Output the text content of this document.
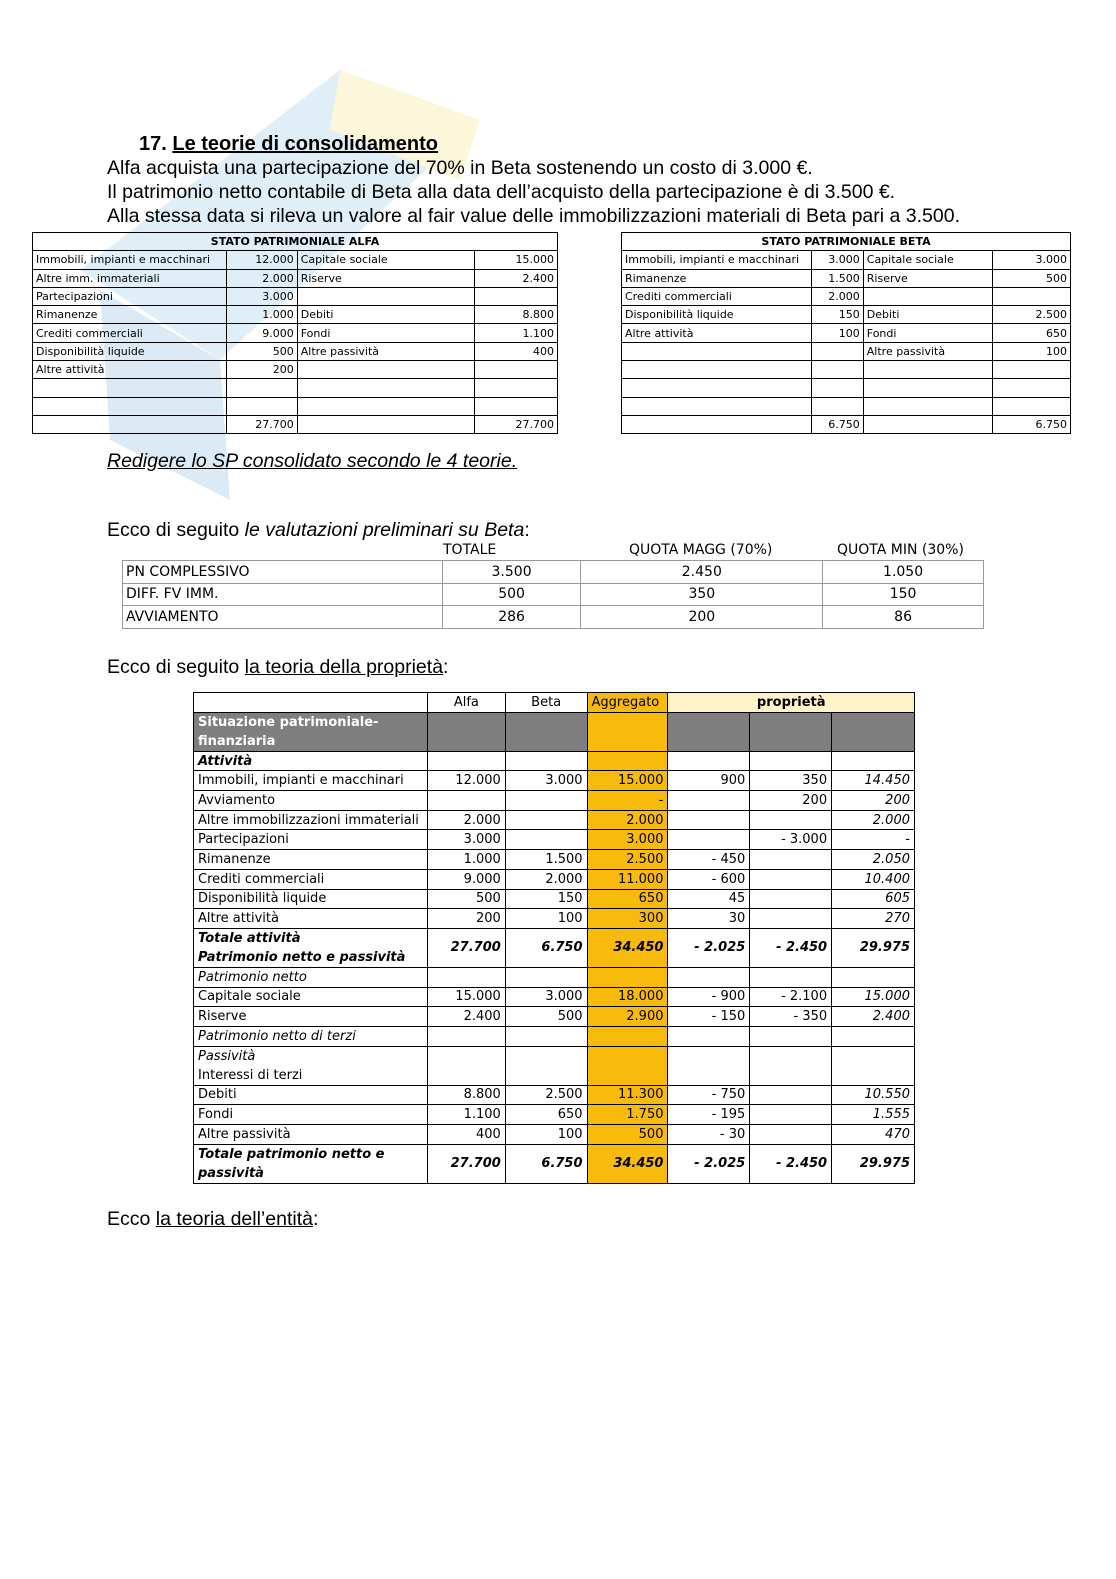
17. Le teorie di consolidamento
Alfa acquista una partecipazione del 70% in Beta sostenendo un costo di 3.000 €.
Il patrimonio netto contabile di Beta alla data dell’acquisto della partecipazione è di 3.500 €.
Alla stessa data si rileva un valore al fair value delle immobilizzazioni materiali di Beta pari a 3.500.
STATO PATRIMONIALE ALFA			
Immobili, impianti e macchinari	12.000	Capitale sociale	15.000
Altre imm. immateriali	2.000	Riserve	2.400
Partecipazioni	3.000		
Rimanenze	1.000	Debiti	8.800
Crediti commerciali	9.000	Fondi	1.100
Disponibilità liquide	500	Altre passività	400
Altre attività	200		

	27.700		27.700
STATO PATRIMONIALE BETA			
Immobili, impianti e macchinari	3.000	Capitale sociale	3.000
Rimanenze	1.500	Riserve	500
Crediti commerciali	2.000		
Disponibilità liquide	150	Debiti	2.500
Altre attività	100	Fondi	650
		Altre passività	100

	6.750		6.750
Redigere lo SP consolidato secondo le 4 teorie.
Ecco di seguito le valutazioni preliminari su Beta:
TOTALE	QUOTA MAGG (70%)	QUOTA MIN (30%)
PN COMPLESSIVO	3.500	2.450	1.050
DIFF. FV IMM.	500	350	150
AVVIAMENTO	286	200	86
Ecco di seguito la teoria della proprietà:
	Alfa	Beta	Aggregato	proprietà		
Situazione patrimoniale-finanziaria						
Attività						
Immobili, impianti e macchinari	12.000	3.000	15.000	900	350	14.450
Avviamento			-		200	200
Altre immobilizzazioni immateriali	2.000		2.000			2.000
Partecipazioni	3.000		3.000		- 3.000	-
Rimanenze	1.000	1.500	2.500	- 450		2.050
Crediti commerciali	9.000	2.000	11.000	- 600		10.400
Disponibilità liquide	500	150	650	45		605
Altre attività	200	100	300	30		270

Totale attività
Patrimonio netto e passività	27.700	6.750	34.450	- 2.025	- 2.450	29.975
Patrimonio netto						
Capitale sociale	15.000	3.000	18.000	- 900	- 2.100	15.000
Riserve	2.400	500	2.900	- 150	- 350	2.400
Patrimonio netto di terzi						

Passività
Interessi di terzi						

Debiti	8.800	2.500	11.300	- 750		10.550
Fondi	1.100	650	1.750	- 195		1.555
Altre passività	400	100	500	- 30		470

Totale patrimonio netto e
passività	27.700	6.750	34.450	- 2.025	- 2.450	29.975
Ecco la teoria dell’entità:
